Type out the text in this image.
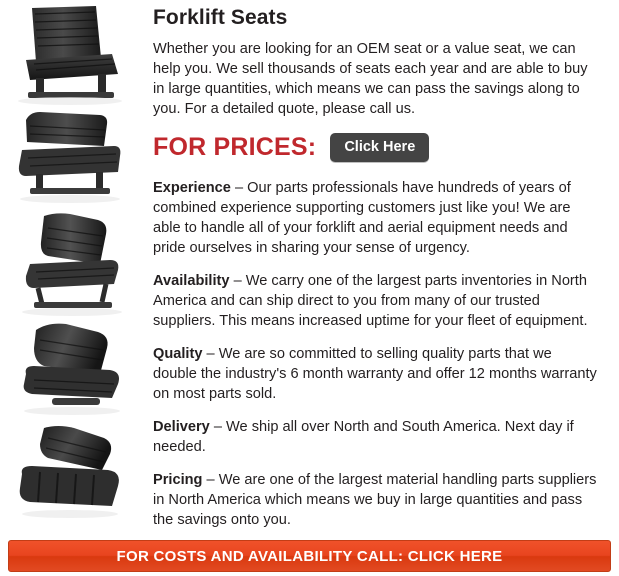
Forklift Seats

Whether you are looking for an OEM seat or a value seat, we can help you. We sell thousands of seats each year and are able to buy in large quantities, which means we can pass the savings along to you. For a detailed quote, please call us.

FOR PRICES:	Click Here

Experience – Our parts professionals have hundreds of years of combined experience supporting customers just like you! We are able to handle all of your forklift and aerial equipment needs and pride ourselves in sharing your sense of urgency.

Availability – We carry one of the largest parts inventories in North America and can ship direct to you from many of our trusted suppliers. This means increased uptime for your fleet of equipment.

Quality – We are so committed to selling quality parts that we double the industry's 6 month warranty and offer 12 months warranty on most parts sold.

Delivery – We ship all over North and South America. Next day if needed.

Pricing – We are one of the largest material handling parts suppliers in North America which means we buy in large quantities and pass the savings onto you.

FOR COSTS AND AVAILABILITY CALL: CLICK HERE
